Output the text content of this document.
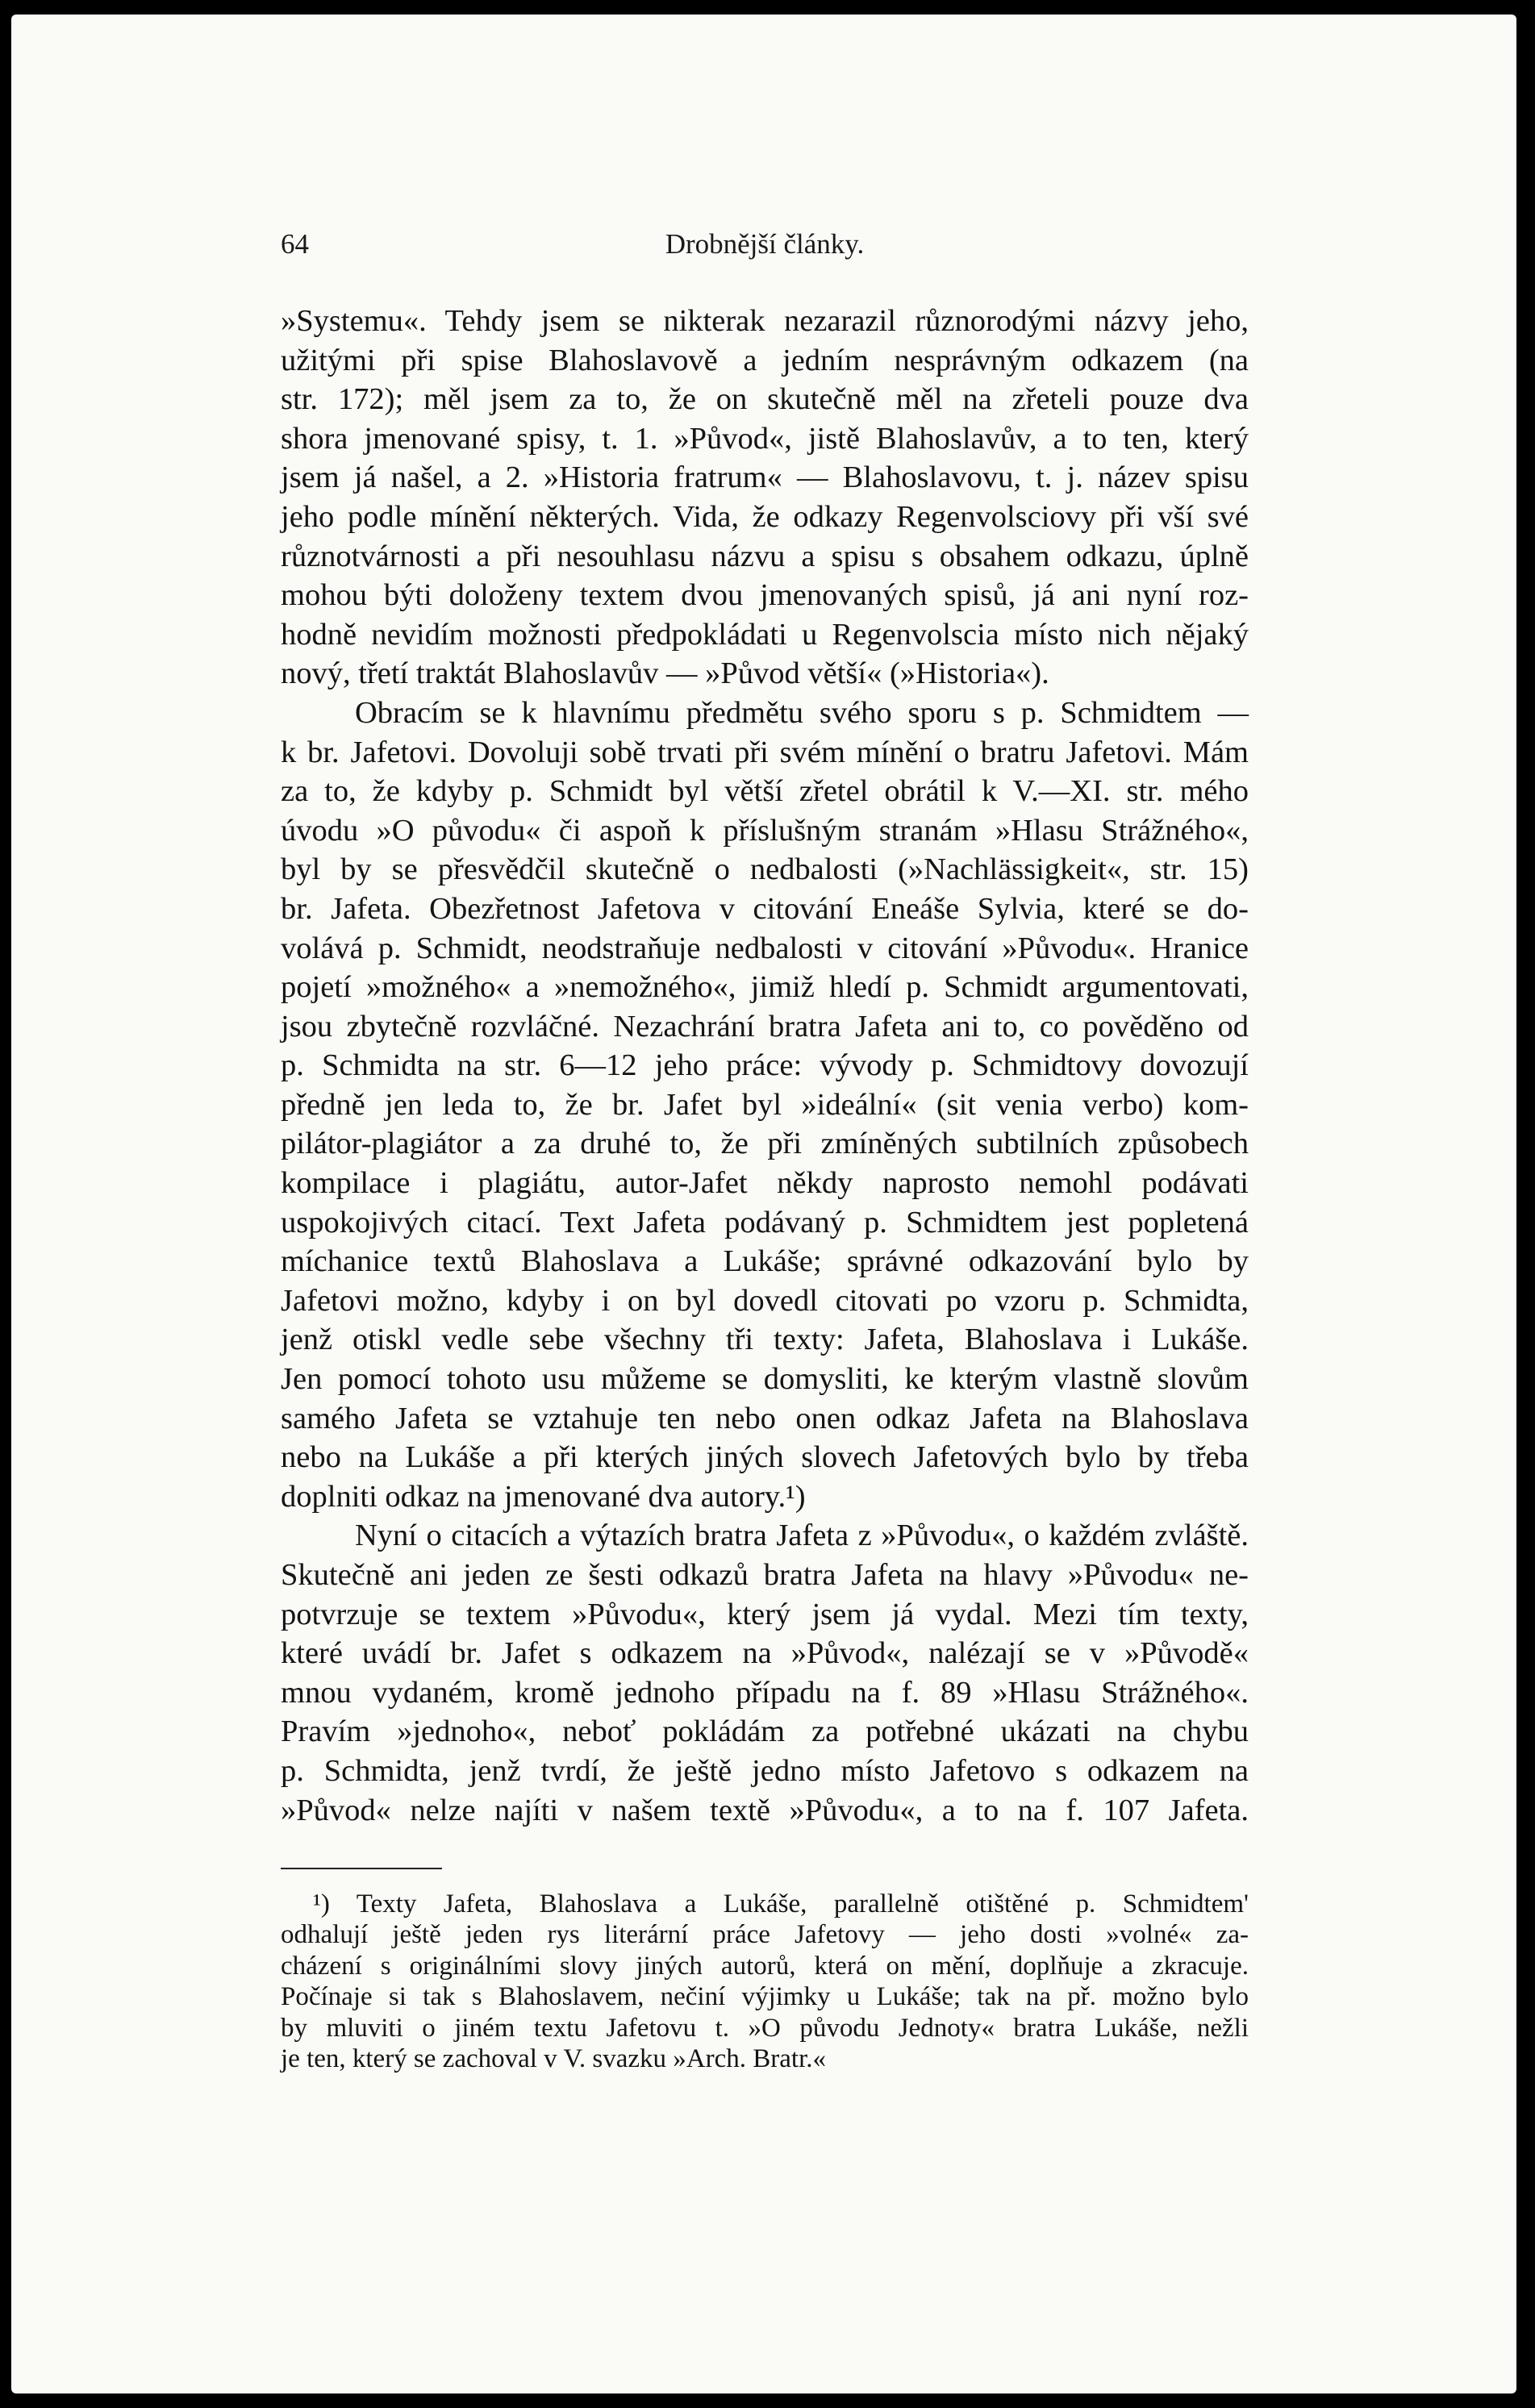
64	Drobnější články.
»Systemu«. Tehdy jsem se nikterak nezarazil různorodými názvy jeho,
užitými při spise Blahoslavově a jedním nesprávným odkazem (na
str. 172); měl jsem za to, že on skutečně měl na zřeteli pouze dva
shora jmenované spisy, t. 1. »Původ«, jistě Blahoslavův, a to ten, který
jsem já našel, a 2. »Historia fratrum« — Blahoslavovu, t. j. název spisu
jeho podle mínění některých. Vida, že odkazy Regenvolsciovy při vší své
různotvárnosti a při nesouhlasu názvu a spisu s obsahem odkazu, úplně
mohou býti doloženy textem dvou jmenovaných spisů, já ani nyní roz-
hodně nevidím možnosti předpokládati u Regenvolscia místo nich nějaký
nový, třetí traktát Blahoslavův — »Původ větší« (»Historia«).
Obracím se k hlavnímu předmětu svého sporu s p. Schmidtem —
k br. Jafetovi. Dovoluji sobě trvati při svém mínění o bratru Jafetovi. Mám
za to, že kdyby p. Schmidt byl větší zřetel obrátil k V.—XI. str. mého
úvodu »O původu« či aspoň k příslušným stranám »Hlasu Strážného«,
byl by se přesvědčil skutečně o nedbalosti (»Nachlässigkeit«, str. 15)
br. Jafeta. Obezřetnost Jafetova v citování Eneáše Sylvia, které se do-
volává p. Schmidt, neodstraňuje nedbalosti v citování »Původu«. Hranice
pojetí »možného« a »nemožného«, jimiž hledí p. Schmidt argumentovati,
jsou zbytečně rozvláčné. Nezachrání bratra Jafeta ani to, co pověděno od
p. Schmidta na str. 6—12 jeho práce: vývody p. Schmidtovy dovozují
předně jen leda to, že br. Jafet byl »ideální« (sit venia verbo) kom-
pilátor-plagiátor a za druhé to, že při zmíněných subtilních způsobech
kompilace i plagiátu, autor-Jafet někdy naprosto nemohl podávati
uspokojivých citací. Text Jafeta podávaný p. Schmidtem jest popletená
míchanice textů Blahoslava a Lukáše; správné odkazování bylo by
Jafetovi možno, kdyby i on byl dovedl citovati po vzoru p. Schmidta,
jenž otiskl vedle sebe všechny tři texty: Jafeta, Blahoslava i Lukáše.
Jen pomocí tohoto usu můžeme se domysliti, ke kterým vlastně slovům
samého Jafeta se vztahuje ten nebo onen odkaz Jafeta na Blahoslava
nebo na Lukáše a při kterých jiných slovech Jafetových bylo by třeba
doplniti odkaz na jmenované dva autory.¹)
Nyní o citacích a výtazích bratra Jafeta z »Původu«, o každém zvláště.
Skutečně ani jeden ze šesti odkazů bratra Jafeta na hlavy »Původu« ne-
potvrzuje se textem »Původu«, který jsem já vydal. Mezi tím texty,
které uvádí br. Jafet s odkazem na »Původ«, nalézají se v »Původě«
mnou vydaném, kromě jednoho případu na f. 89 »Hlasu Strážného«.
Pravím »jednoho«, neboť pokládám za potřebné ukázati na chybu
p. Schmidta, jenž tvrdí, že ještě jedno místo Jafetovo s odkazem na
»Původ« nelze najíti v našem textě »Původu«, a to na f. 107 Jafeta.
¹) Texty Jafeta, Blahoslava a Lukáše, parallelně otištěné p. Schmidtem'
odhalují ještě jeden rys literární práce Jafetovy — jeho dosti »volné« za-
cházení s originálními slovy jiných autorů, která on mění, doplňuje a zkracuje.
Počínaje si tak s Blahoslavem, nečiní výjimky u Lukáše; tak na př. možno bylo
by mluviti o jiném textu Jafetovu t. »O původu Jednoty« bratra Lukáše, nežli
je ten, který se zachoval v V. svazku »Arch. Bratr.«
